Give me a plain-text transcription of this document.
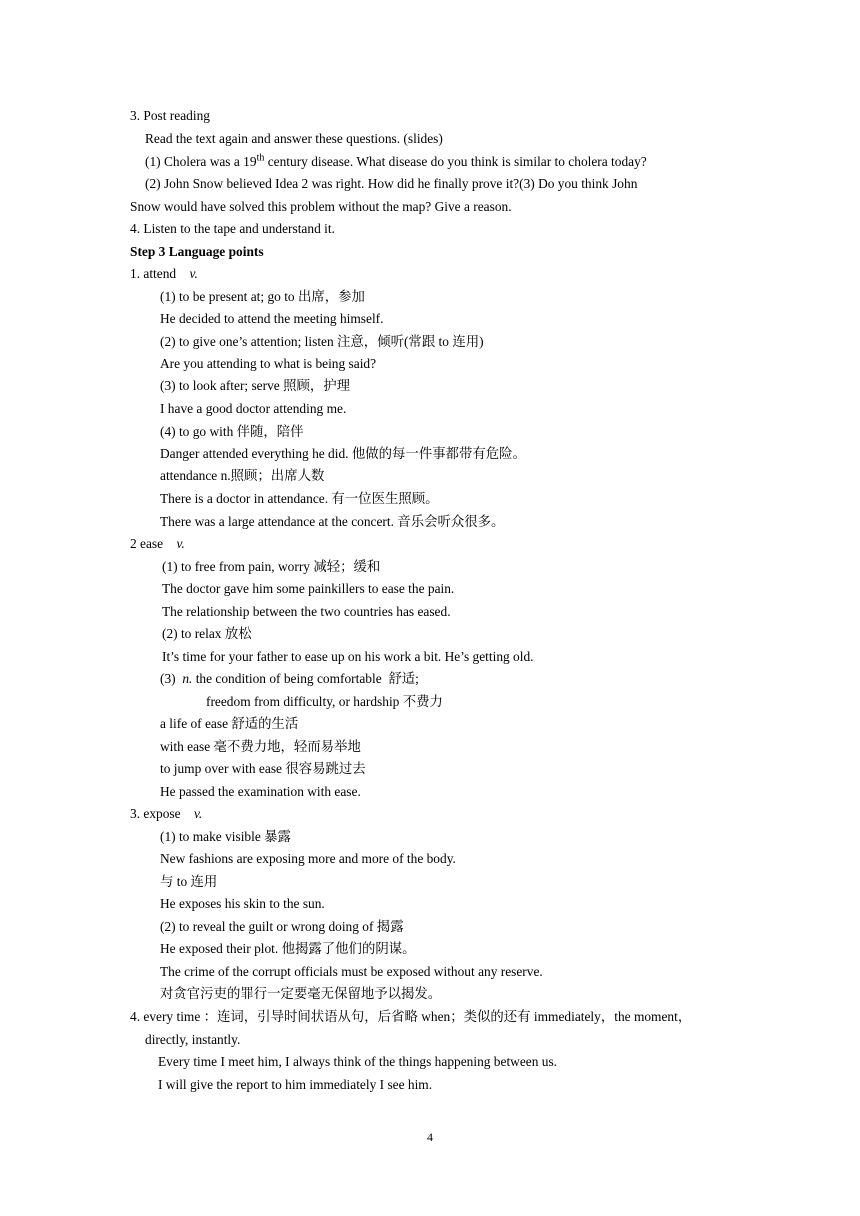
3. Post reading
Read the text again and answer these questions. (slides)
(1) Cholera was a 19th century disease. What disease do you think is similar to cholera today?
(2) John Snow believed Idea 2 was right. How did he finally prove it?(3) Do you think John
Snow would have solved this problem without the map? Give a reason.
4. Listen to the tape and understand it.
Step 3 Language points
1. attend v.
(1) to be present at; go to 出席，参加
He decided to attend the meeting himself.
(2) to give one’s attention; listen 注意，倾听(常跟 to 连用)
Are you attending to what is being said?
(3) to look after; serve 照顾，护理
I have a good doctor attending me.
(4) to go with 伴随，陪伴
Danger attended everything he did. 他做的每一件事都带有危险。
attendance n.照顾；出席人数
There is a doctor in attendance. 有一位医生照顾。
There was a large attendance at the concert. 音乐会听众很多。
2 ease v.
(1) to free from pain, worry 减轻；缓和
The doctor gave him some painkillers to ease the pain.
The relationship between the two countries has eased.
(2) to relax 放松
It’s time for your father to ease up on his work a bit. He’s getting old.
(3)  n. the condition of being comfortable  舒适;
freedom from difficulty, or hardship 不费力
a life of ease 舒适的生活
with ease 毫不费力地，轻而易举地
to jump over with ease 很容易跳过去
He passed the examination with ease.
3. expose v.
(1) to make visible 暴露
New fashions are exposing more and more of the body.
与 to 连用
He exposes his skin to the sun.
(2) to reveal the guilt or wrong doing of 揭露
He exposed their plot. 他揭露了他们的阴谋。
The crime of the corrupt officials must be exposed without any reserve.
对贪官污吏的罪行一定要毫无保留地予以揭发。
4. every time ：连词，引导时间状语从句，后省略 when；类似的还有 immediately，the moment，
directly, instantly.
Every time I meet him, I always think of the things happening between us.
I will give the report to him immediately I see him.
4
